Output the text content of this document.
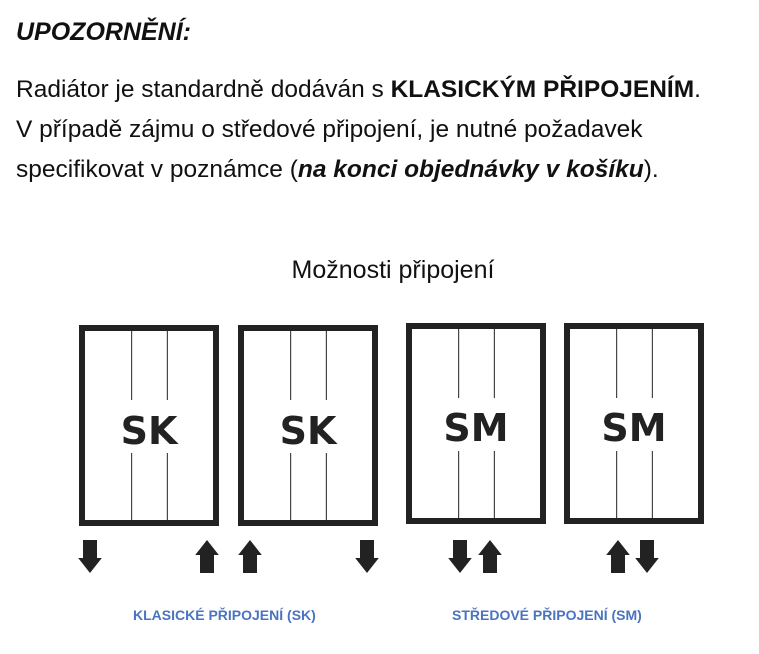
UPOZORNĚNÍ:

Radiátor je standardně dodáván s KLASICKÝM PŘIPOJENÍM.
V případě zájmu o středové připojení, je nutné požadavek
specifikovat v poznámce (na konci objednávky v košíku).

Možnosti připojení

SK	SK	SM SM

KLASICKÉ PŘIPOJENÍ (SK)	STŘEDOVÉ PŘIPOJENÍ (SM)
